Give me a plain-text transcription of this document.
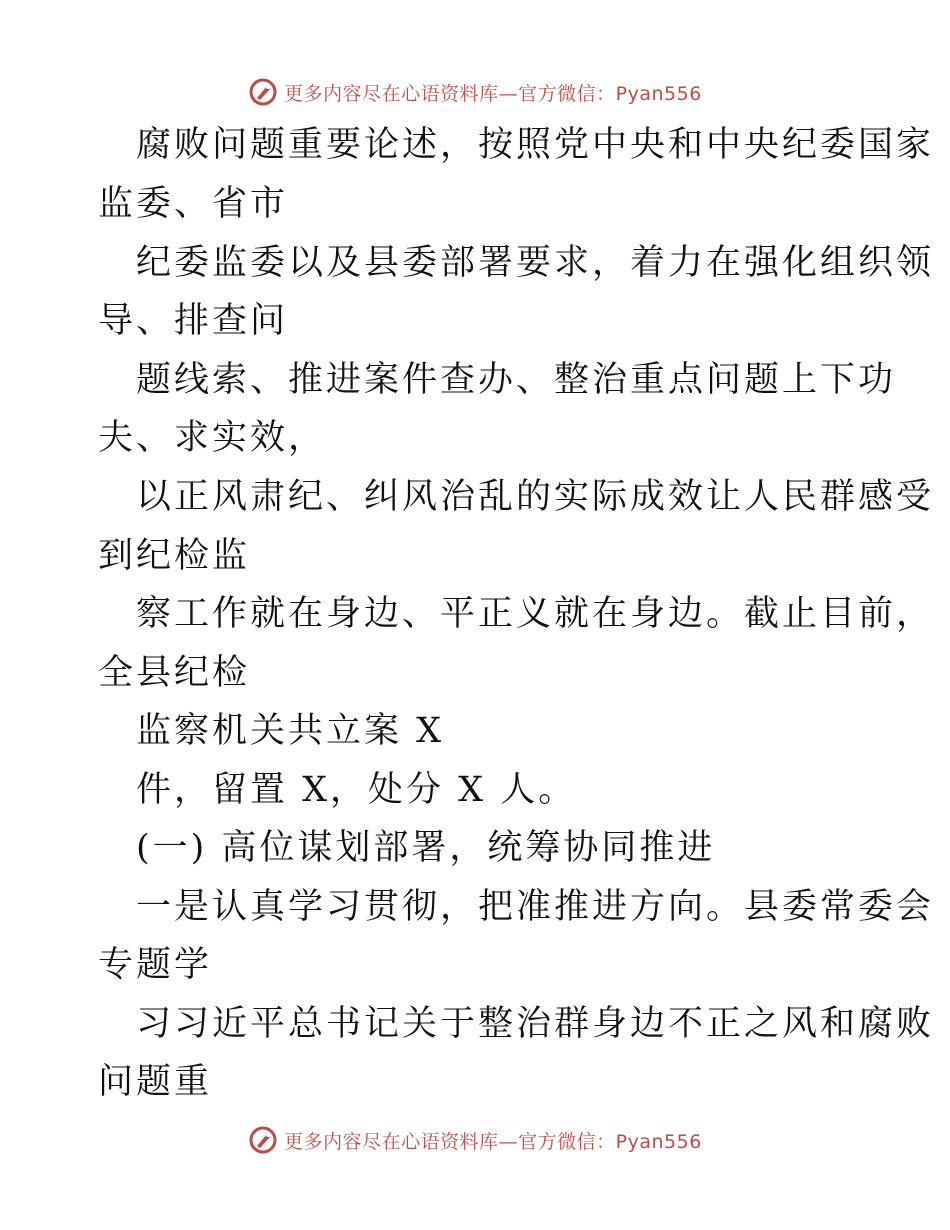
更多内容尽在心语资料库—官方微信：Pyan556
腐败问题重要论述，按照党中央和中央纪委国家
监委、省市
纪委监委以及县委部署要求，着力在强化组织领
导、排查问
题线索、推进案件查办、整治重点问题上下功
夫、求实效，
以正风肃纪、纠风治乱的实际成效让人民群感受
到纪检监
察工作就在身边、平正义就在身边。截止目前，
全县纪检
监察机关共立案 X
件，留置 X，处分 X 人。
(一) 高位谋划部署，统筹协同推进
一是认真学习贯彻，把准推进方向。县委常委会
专题学
习习近平总书记关于整治群身边不正之风和腐败
问题重
更多内容尽在心语资料库—官方微信：Pyan556
